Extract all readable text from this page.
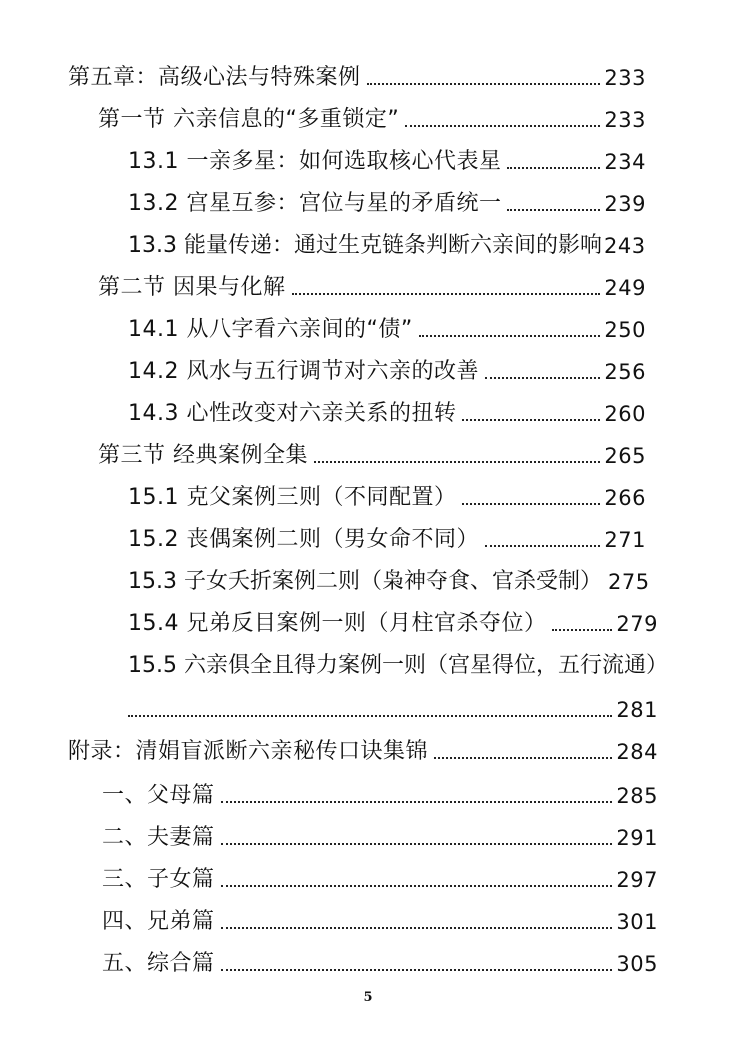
第五章：高级心法与特殊案例	233
第一节 六亲信息的“多重锁定”	233
13.1 一亲多星：如何选取核心代表星	234
13.2 宫星互参：宫位与星的矛盾统一	239
13.3 能量传递：通过生克链条判断六亲间的影响 243
第二节 因果与化解	249
14.1 从八字看六亲间的“债”	250
14.2 风水与五行调节对六亲的改善	256
14.3 心性改变对六亲关系的扭转	260
第三节 经典案例全集	265
15.1 克父案例三则（不同配置）	266
15.2 丧偶案例二则（男女命不同）	271
15.3 子女夭折案例二则（枭神夺食、官杀受制） 275
15.4 兄弟反目案例一则（月柱官杀夺位）	279
15.5 六亲俱全且得力案例一则（宫星得位，五行流通）
281
附录：清娟盲派断六亲秘传口诀集锦	284
一、父母篇	285
二、夫妻篇	291
三、子女篇	297
四、兄弟篇	301
五、综合篇	305
5
